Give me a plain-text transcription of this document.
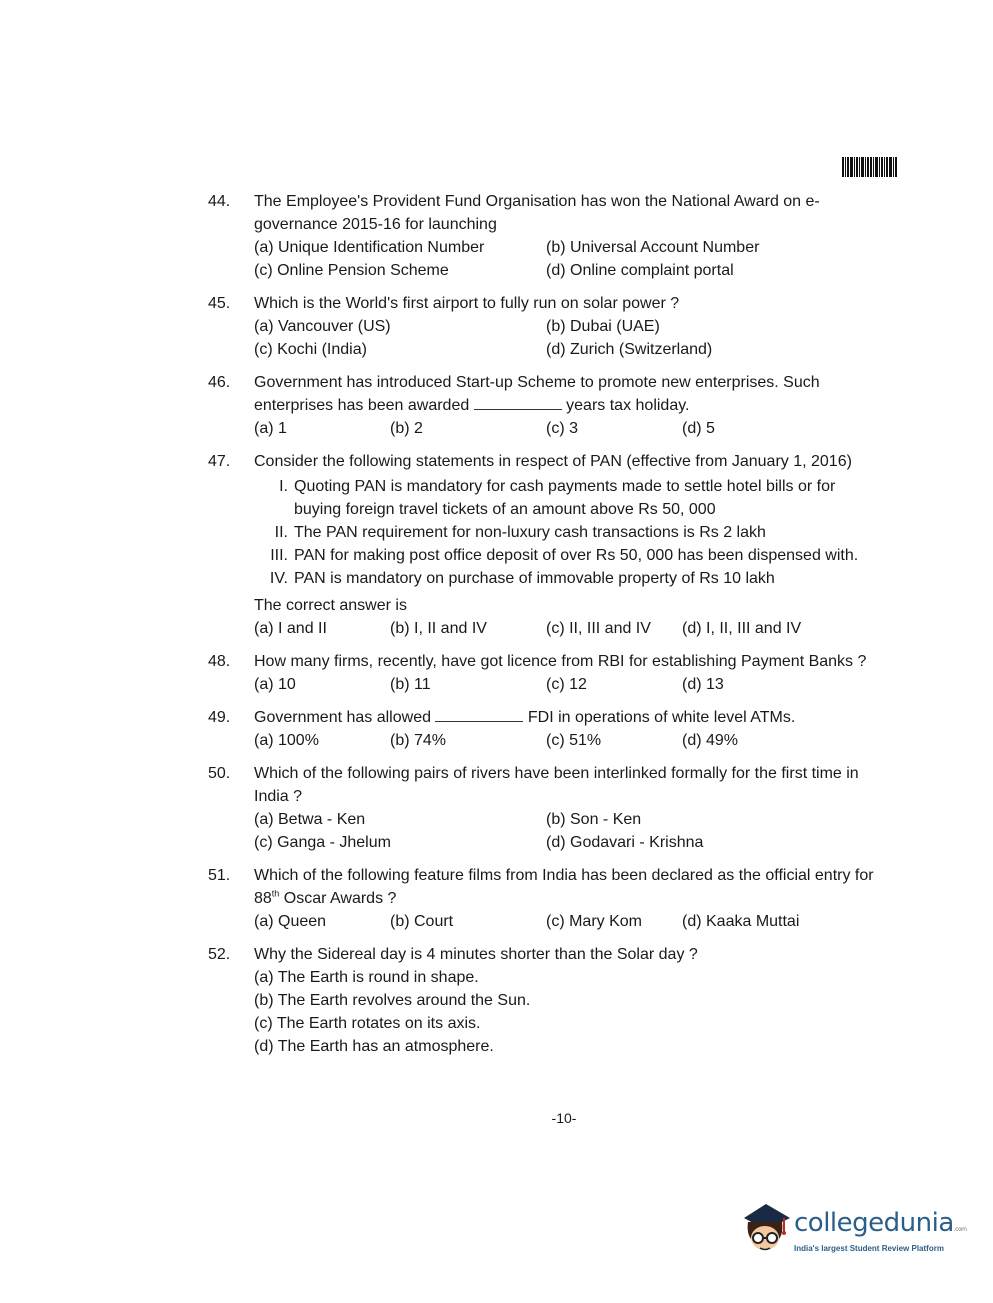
44. The Employee's Provident Fund Organisation has won the National Award on e-governance 2015-16 for launching
(a) Unique Identification Number	(b) Universal Account Number
(c) Online Pension Scheme	(d) Online complaint portal
45. Which is the World's first airport to fully run on solar power ?
(a) Vancouver (US)	(b) Dubai (UAE)
(c) Kochi (India)	(d) Zurich (Switzerland)
46. Government has introduced Start-up Scheme to promote new enterprises. Such enterprises has been awarded	years tax holiday.
(a) 1	(b) 2	(c) 3	(d) 5
47. Consider the following statements in respect of PAN (effective from January 1, 2016)
I. Quoting PAN is mandatory for cash payments made to settle hotel bills or for buying foreign travel tickets of an amount above Rs 50, 000
II. The PAN requirement for non-luxury cash transactions is Rs 2 lakh
III. PAN for making post office deposit of over Rs 50, 000 has been dispensed with.
IV. PAN is mandatory on purchase of immovable property of Rs 10 lakh
The correct answer is
(a) I and II	(b) I, II and IV	(c) II, III and IV	(d) I, II, III and IV
48. How many firms, recently, have got licence from RBI for establishing Payment Banks ?
(a) 10	(b) 11	(c) 12	(d) 13
49. Government has allowed	FDI in operations of white level ATMs.
(a) 100%	(b) 74%	(c) 51%	(d) 49%
50. Which of the following pairs of rivers have been interlinked formally for the first time in India ?
(a) Betwa - Ken	(b) Son - Ken
(c) Ganga - Jhelum	(d) Godavari - Krishna
51. Which of the following feature films from India has been declared as the official entry for 88th Oscar Awards ?
(a) Queen	(b) Court	(c) Mary Kom	(d) Kaaka Muttai
52. Why the Sidereal day is 4 minutes shorter than the Solar day ?
(a) The Earth is round in shape.
(b) The Earth revolves around the Sun.
(c) The Earth rotates on its axis.
(d) The Earth has an atmosphere.
-10-
collegedunia.com
India's largest Student Review Platform
